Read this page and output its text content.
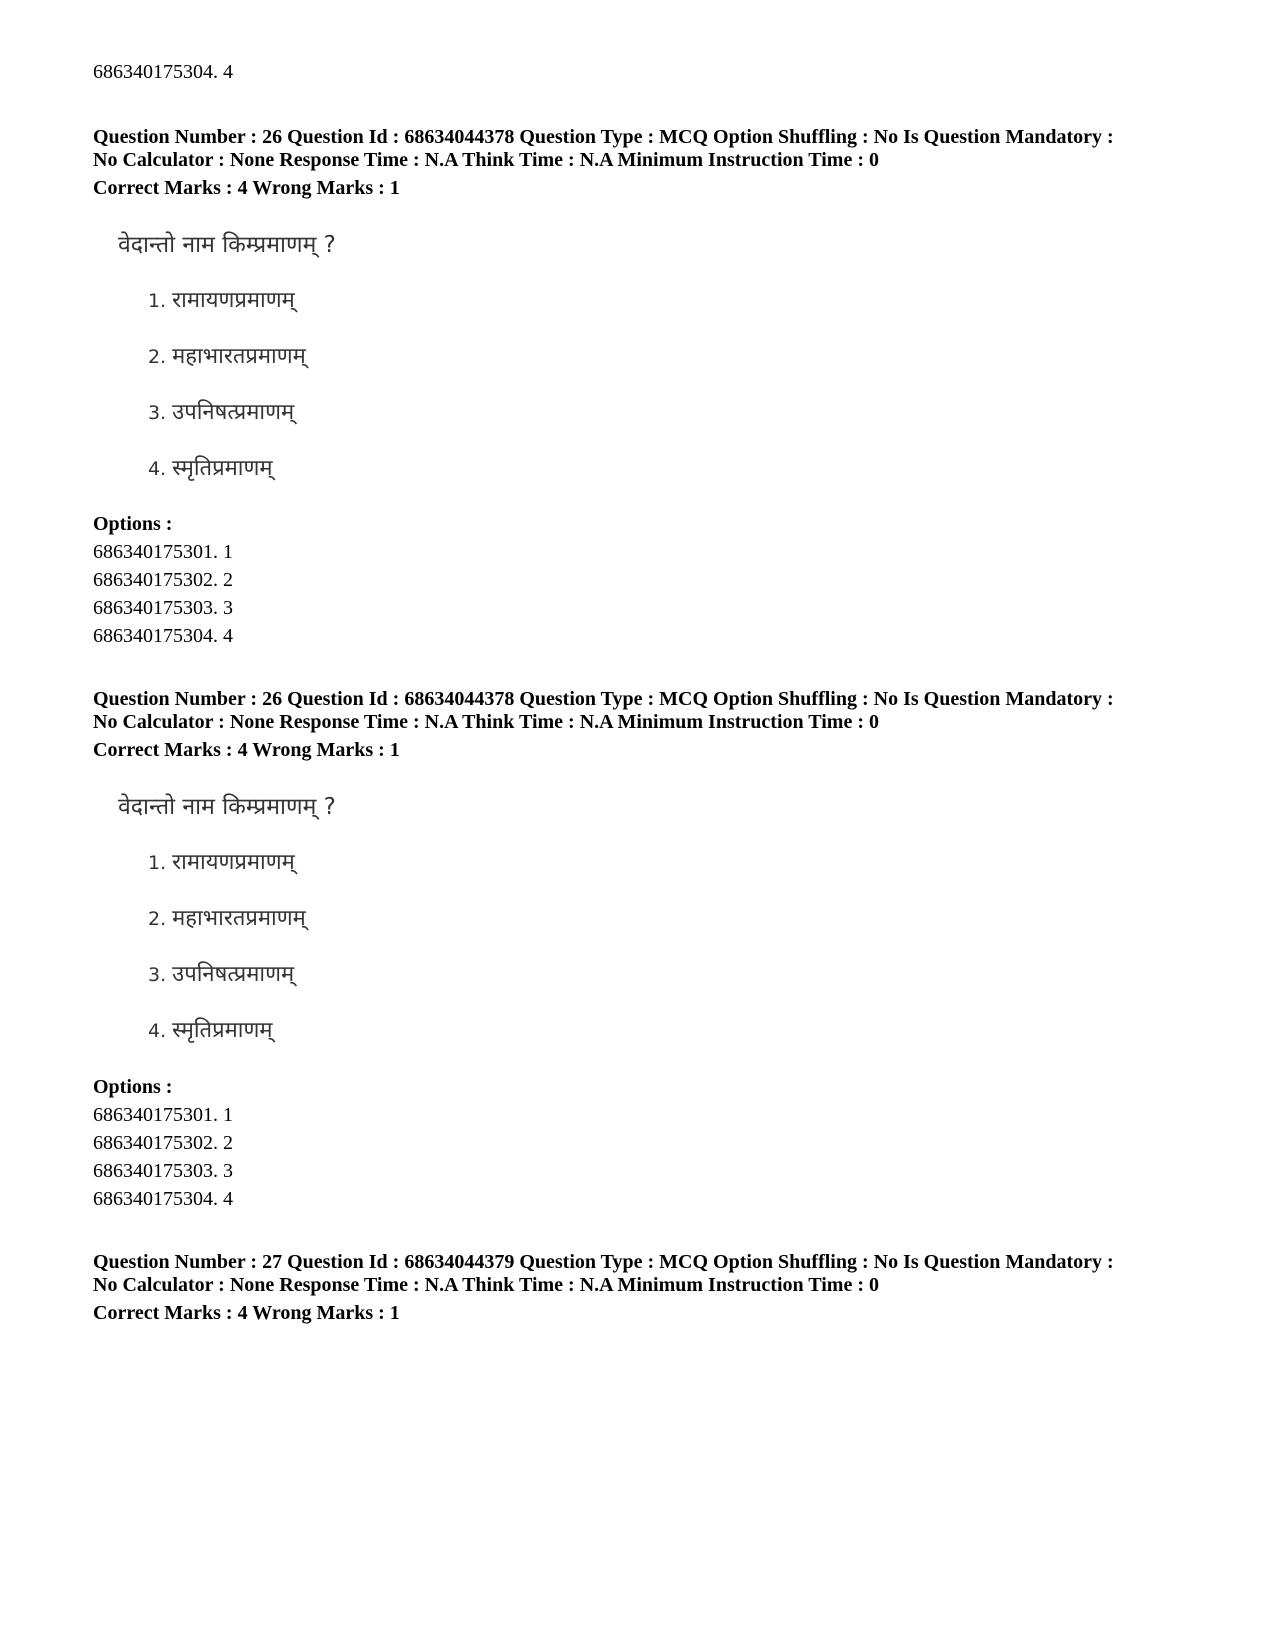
686340175304. 4
Question Number : 26 Question Id : 68634044378 Question Type : MCQ Option Shuffling : No Is Question Mandatory :
No Calculator : None Response Time : N.A Think Time : N.A Minimum Instruction Time : 0
Correct Marks : 4 Wrong Marks : 1
वेदान्तो नाम किम्प्रमाणम् ?
1. रामायणप्रमाणम्
2. महाभारतप्रमाणम्
3. उपनिषत्प्रमाणम्
4. स्मृतिप्रमाणम्
Options :
686340175301. 1
686340175302. 2
686340175303. 3
686340175304. 4
Question Number : 26 Question Id : 68634044378 Question Type : MCQ Option Shuffling : No Is Question Mandatory :
No Calculator : None Response Time : N.A Think Time : N.A Minimum Instruction Time : 0
Correct Marks : 4 Wrong Marks : 1
वेदान्तो नाम किम्प्रमाणम् ?
1. रामायणप्रमाणम्
2. महाभारतप्रमाणम्
3. उपनिषत्प्रमाणम्
4. स्मृतिप्रमाणम्
Options :
686340175301. 1
686340175302. 2
686340175303. 3
686340175304. 4
Question Number : 27 Question Id : 68634044379 Question Type : MCQ Option Shuffling : No Is Question Mandatory :
No Calculator : None Response Time : N.A Think Time : N.A Minimum Instruction Time : 0
Correct Marks : 4 Wrong Marks : 1
